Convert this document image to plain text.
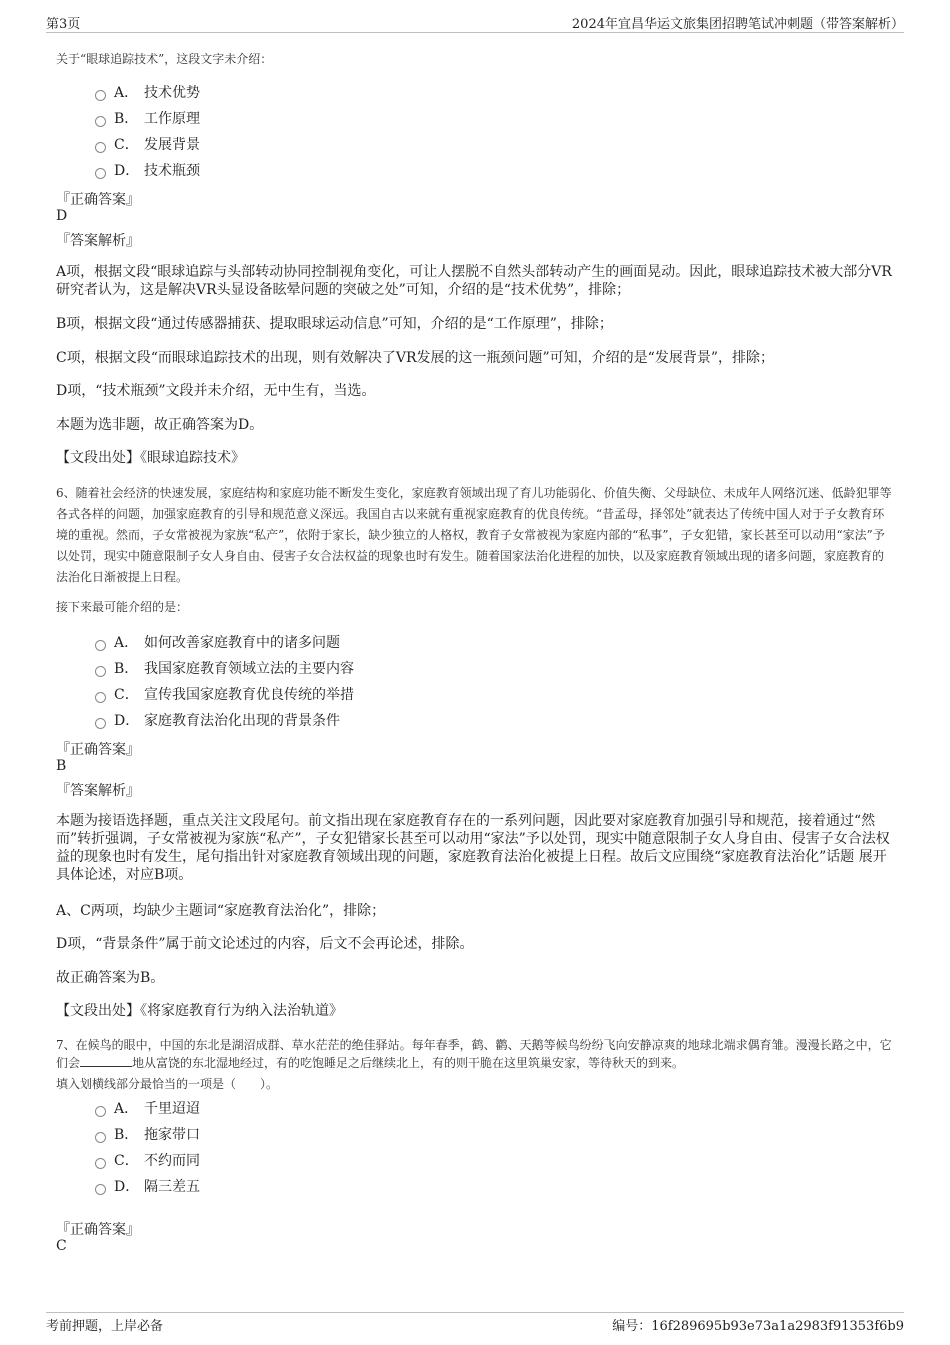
第3页	2024年宜昌华运文旅集团招聘笔试冲刺题（带答案解析）
关于“眼球追踪技术”，这段文字未介绍：
A． 技术优势
B． 工作原理
C． 发展背景
D． 技术瓶颈
『正确答案』
D
『答案解析』
A项，根据文段“眼球追踪与头部转动协同控制视角变化，可让人摆脱不自然头部转动产生的画面晃动。因此，眼球追踪技术被大部分VR研究者认为，这是解决VR头显设备眩晕问题的突破之处”可知，介绍的是“技术优势”，排除；
B项，根据文段“通过传感器捕获、提取眼球运动信息”可知，介绍的是“工作原理”，排除；
C项，根据文段“而眼球追踪技术的出现，则有效解决了VR发展的这一瓶颈问题”可知，介绍的是“发展背景”，排除；
D项，“技术瓶颈”文段并未介绍，无中生有，当选。
本题为选非题，故正确答案为D。
【文段出处】《眼球追踪技术》
6、随着社会经济的快速发展，家庭结构和家庭功能不断发生变化，家庭教育领域出现了育儿功能弱化、价值失衡、父母缺位、未成年人网络沉迷、低龄犯罪等各式各样的问题，加强家庭教育的引导和规范意义深远。我国自古以来就有重视家庭教育的优良传统。“昔孟母，择邻处”就表达了传统中国人对于子女教育环境的重视。然而，子女常被视为家族“私产”，依附于家长，缺少独立的人格权，教育子女常被视为家庭内部的“私事”，子女犯错，家长甚至可以动用“家法”予以处罚，现实中随意限制子女人身自由、侵害子女合法权益的现象也时有发生。随着国家法治化进程的加快，以及家庭教育领域出现的诸多问题，家庭教育的法治化日渐被提上日程。
接下来最可能介绍的是：
A． 如何改善家庭教育中的诸多问题
B． 我国家庭教育领域立法的主要内容
C． 宣传我国家庭教育优良传统的举措
D． 家庭教育法治化出现的背景条件
『正确答案』
B
『答案解析』
本题为接语选择题，重点关注文段尾句。前文指出现在家庭教育存在的一系列问题，因此要对家庭教育加强引导和规范，接着通过“然而”转折强调，子女常被视为家族“私产”，子女犯错家长甚至可以动用“家法”予以处罚，现实中随意限制子女人身自由、侵害子女合法权益的现象也时有发生，尾句指出针对家庭教育领域出现的问题，家庭教育法治化被提上日程。故后文应围绕“家庭教育法治化”话题 展开 具体论述，对应B项。
A、C两项，均缺少主题词“家庭教育法治化”，排除；
D项，“背景条件”属于前文论述过的内容，后文不会再论述，排除。
故正确答案为B。
【文段出处】《将家庭教育行为纳入法治轨道》
7、在候鸟的眼中，中国的东北是湖沼成群、草水茫茫的绝佳驿站。每年春季，鹤、鹳、天鹅等候鸟纷纷飞向安静凉爽的地球北端求偶育雏。漫漫长路之中，它们会	地从富饶的东北湿地经过，有的吃饱睡足之后继续北上，有的则干脆在这里筑巢安家，等待秋天的到来。
填入划横线部分最恰当的一项是（　　）。
A． 千里迢迢
B． 拖家带口
C． 不约而同
D． 隔三差五
『正确答案』
C
考前押题，上岸必备	编号：16f289695b93e73a1a2983f91353f6b9
